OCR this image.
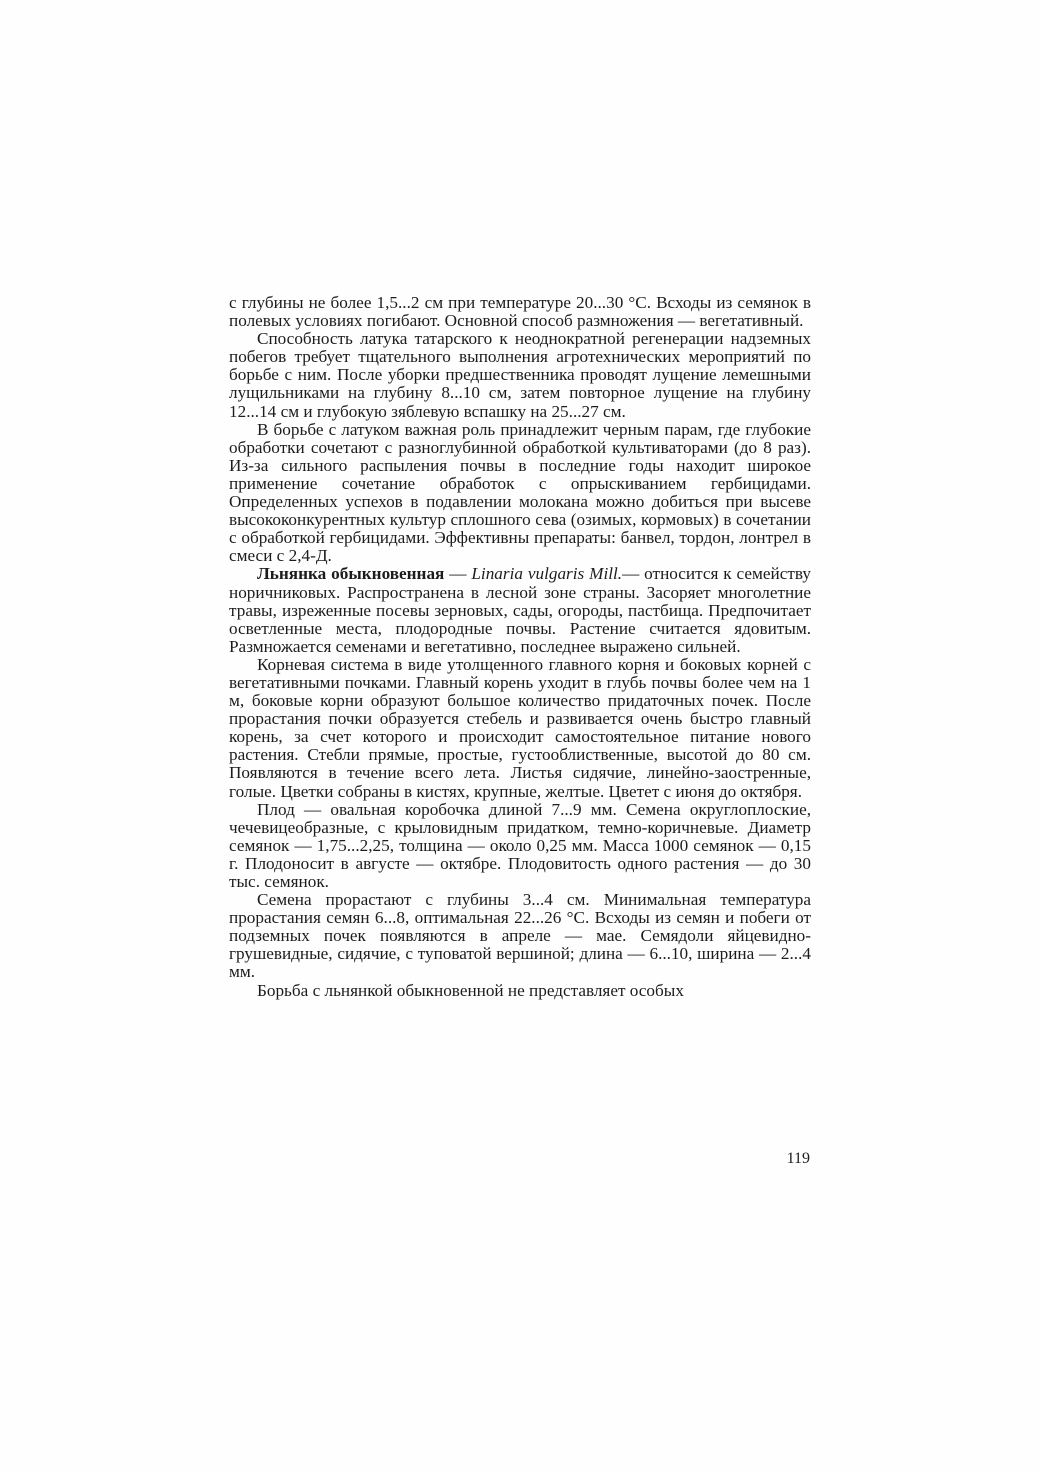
с глубины не более 1,5...2 см при температуре 20...30 °С. Всходы из семянок в полевых условиях погибают. Основной способ размножения — вегетативный.

Способность латука татарского к неоднократной регенерации надземных побегов требует тщательного выполнения агротехнических мероприятий по борьбе с ним. После уборки предшественника проводят лущение лемешными лущильниками на глубину 8...10 см, затем повторное лущение на глубину 12...14 см и глубокую зяблевую вспашку на 25...27 см.

В борьбе с латуком важная роль принадлежит черным парам, где глубокие обработки сочетают с разноглубинной обработкой культиваторами (до 8 раз). Из-за сильного распыления почвы в последние годы находит широкое применение сочетание обработок с опрыскиванием гербицидами. Определенных успехов в подавлении молокана можно добиться при высеве высококонкурентных культур сплошного сева (озимых, кормовых) в сочетании с обработкой гербицидами. Эффективны препараты: банвел, тордон, лонтрел в смеси с 2,4-Д.

Льнянка обыкновенная — Linaria vulgaris Mill.— относится к семейству норичниковых. Распространена в лесной зоне страны. Засоряет многолетние травы, изреженные посевы зерновых, сады, огороды, пастбища. Предпочитает осветленные места, плодородные почвы. Растение считается ядовитым. Размножается семенами и вегетативно, последнее выражено сильней.

Корневая система в виде утолщенного главного корня и боковых корней с вегетативными почками. Главный корень уходит в глубь почвы более чем на 1 м, боковые корни образуют большое количество придаточных почек. После прорастания почки образуется стебель и развивается очень быстро главный корень, за счет которого и происходит самостоятельное питание нового растения. Стебли прямые, простые, густооблиственные, высотой до 80 см. Появляются в течение всего лета. Листья сидячие, линейно-заостренные, голые. Цветки собраны в кистях, крупные, желтые. Цветет с июня до октября.

Плод — овальная коробочка длиной 7...9 мм. Семена округлоплоские, чечевицеобразные, с крыловидным придатком, темно-коричневые. Диаметр семянок — 1,75...2,25, толщина — около 0,25 мм. Масса 1000 семянок — 0,15 г. Плодоносит в августе — октябре. Плодовитость одного растения — до 30 тыс. семянок.

Семена прорастают с глубины 3...4 см. Минимальная температура прорастания семян 6...8, оптимальная 22...26 °С. Всходы из семян и побеги от подземных почек появляются в апреле — мае. Семядоли яйцевидно-грушевидные, сидячие, с туповатой вершиной; длина — 6...10, ширина — 2...4 мм.

Борьба с льнянкой обыкновенной не представляет особых

119
